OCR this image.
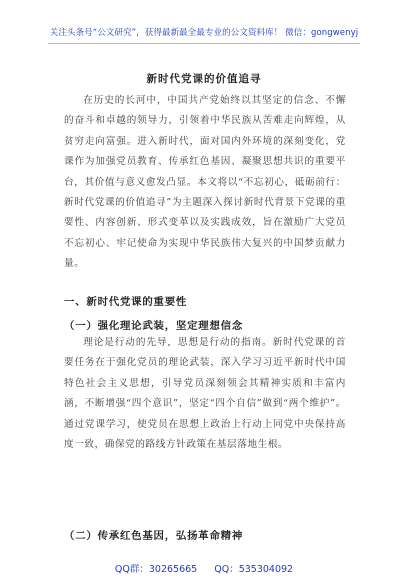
关注头条号“公文研究”，获得最新最全最专业的公文资料库！ 微信：gongwenyj
新时代党课的价值追寻

在历史的长河中，中国共产党始终以其坚定的信念、不懈的奋斗和卓越的领导力，引领着中华民族从苦难走向辉煌，从贫穷走向富强。进入新时代，面对国内外环境的深刻变化，党课作为加强党员教育、传承红色基因、凝聚思想共识的重要平台，其价值与意义愈发凸显。本文将以“不忘初心，砥砺前行：新时代党课的价值追寻”为主题深入探讨新时代背景下党课的重要性、内容创新、形式变革以及实践成效，旨在激励广大党员不忘初心、牢记使命为实现中华民族伟大复兴的中国梦贡献力量。

一、新时代党课的重要性
（一）强化理论武装，坚定理想信念

理论是行动的先导，思想是行动的指南。新时代党课的首要任务在于强化党员的理论武装，深入学习习近平新时代中国特色社会主义思想，引导党员深刻领会其精神实质和丰富内涵，不断增强“四个意识”，坚定“四个自信”做到“两个维护”。通过党课学习，使党员在思想上政治上行动上同党中央保持高度一致，确保党的路线方针政策在基层落地生根。

（二）传承红色基因，弘扬革命精神
QQ群：30265665 QQ：535304092
